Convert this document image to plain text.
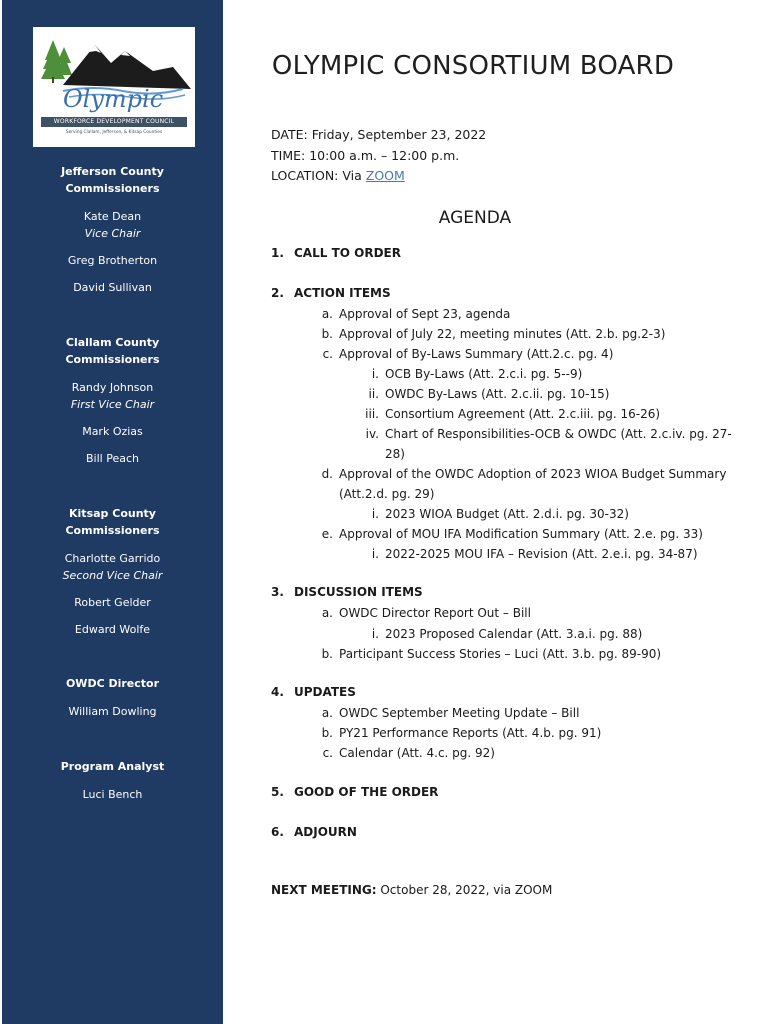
Olympic
WORKFORCE DEVELOPMENT COUNCIL
Serving Clallam, Jefferson, & Kitsap Counties
Jefferson County Commissioners
Kate Dean
Vice Chair
Greg Brotherton
David Sullivan
Clallam County Commissioners
Randy Johnson
First Vice Chair
Mark Ozias
Bill Peach
Kitsap County Commissioners
Charlotte Garrido
Second Vice Chair
Robert Gelder
Edward Wolfe
OWDC Director
William Dowling
Program Analyst
Luci Bench
OLYMPIC CONSORTIUM BOARD
DATE: Friday, September 23, 2022
TIME: 10:00 a.m. – 12:00 p.m.
LOCATION: Via ZOOM
AGENDA
1. CALL TO ORDER
2. ACTION ITEMS
3. DISCUSSION ITEMS
4. UPDATES
5. GOOD OF THE ORDER
6. ADJOURN
a. Approval of Sept 23, agenda
b. Approval of July 22, meeting minutes (Att. 2.b. pg.2-3)
c. Approval of By-Laws Summary (Att.2.c. pg. 4)
i. OCB By-Laws (Att. 2.c.i. pg. 5--9)
ii. OWDC By-Laws (Att. 2.c.ii. pg. 10-15)
iii. Consortium Agreement (Att. 2.c.iii. pg. 16-26)
iv. Chart of Responsibilities-OCB & OWDC (Att. 2.c.iv. pg. 27-
28)
d. Approval of the OWDC Adoption of 2023 WIOA Budget Summary
(Att.2.d. pg. 29)
i. 2023 WIOA Budget (Att. 2.d.i. pg. 30-32)
e. Approval of MOU IFA Modification Summary (Att. 2.e. pg. 33)
i. 2022-2025 MOU IFA – Revision (Att. 2.e.i. pg. 34-87)
a. OWDC Director Report Out – Bill
i. 2023 Proposed Calendar (Att. 3.a.i. pg. 88)
b. Participant Success Stories – Luci (Att. 3.b. pg. 89-90)
a. OWDC September Meeting Update – Bill
b. PY21 Performance Reports (Att. 4.b. pg. 91)
c. Calendar (Att. 4.c. pg. 92)
NEXT MEETING: October 28, 2022, via ZOOM
